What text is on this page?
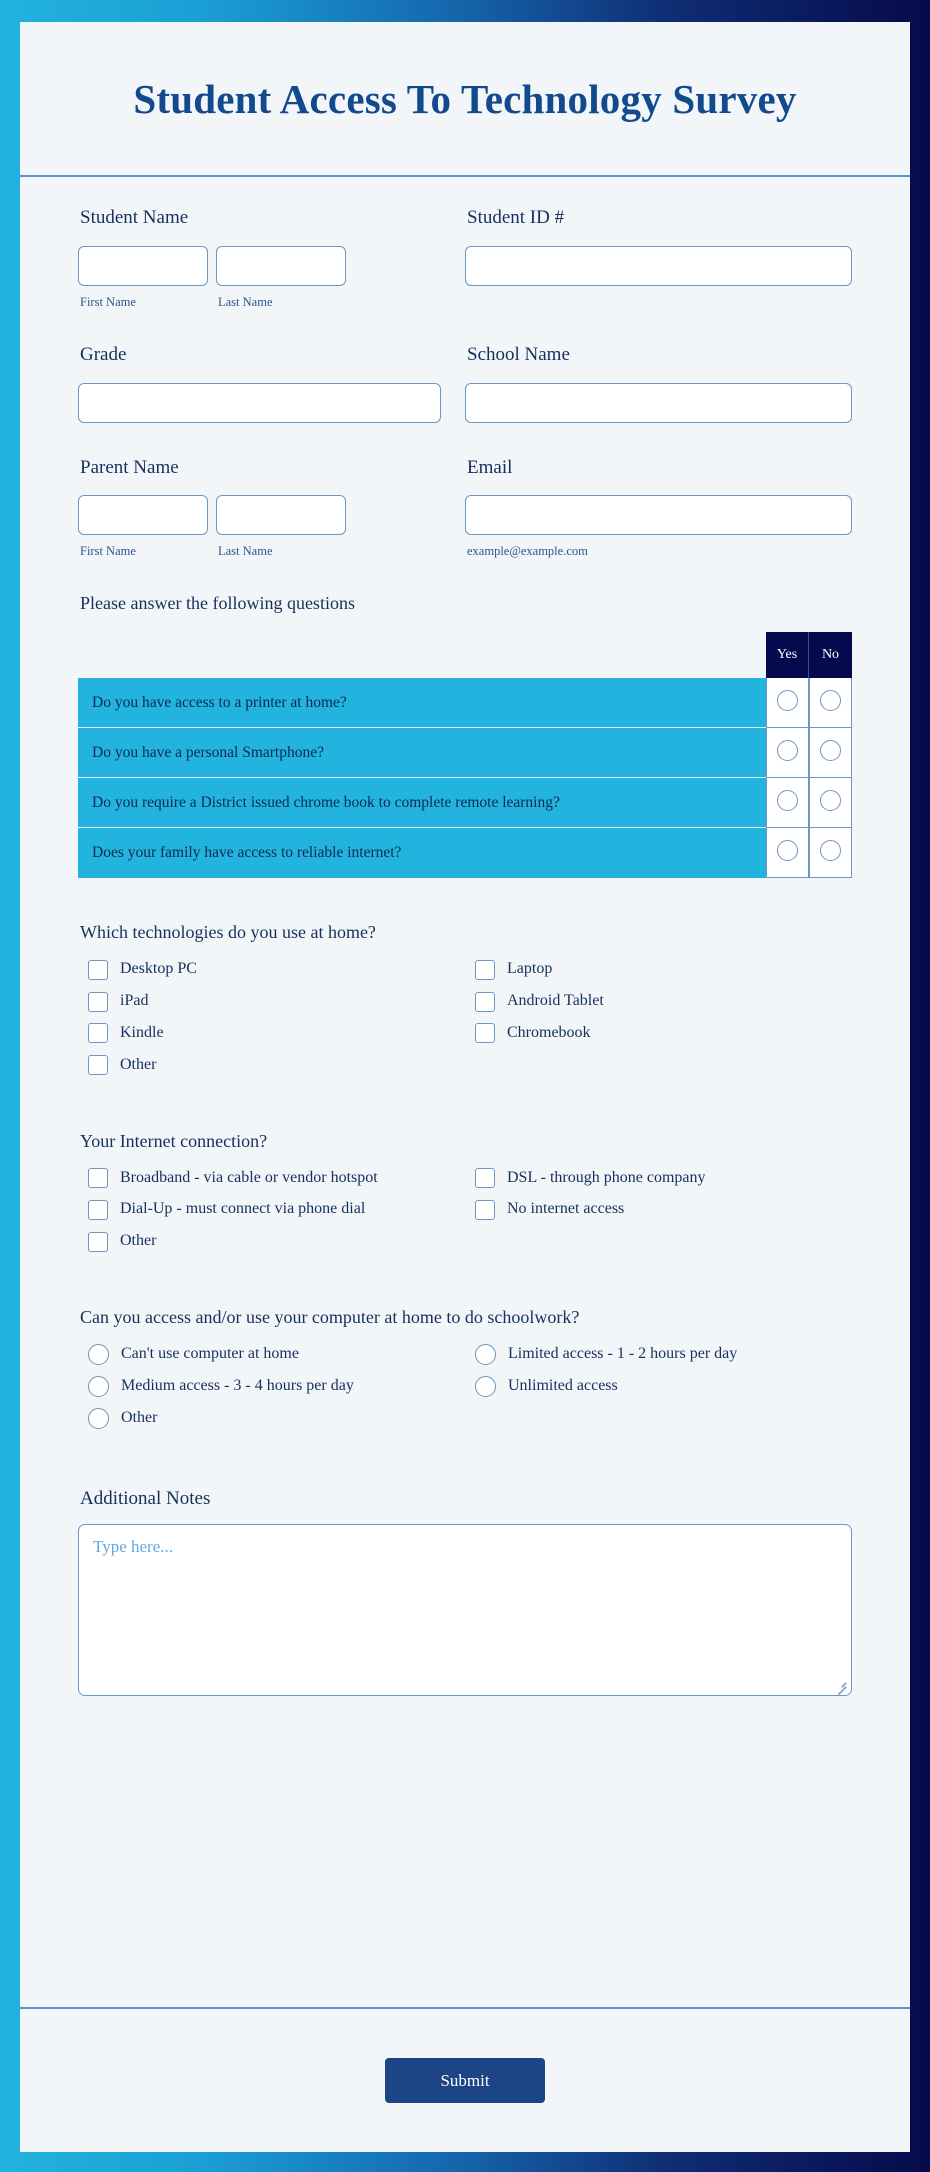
Student Access To Technology Survey
Student Name
First Name	Last Name
Student ID #
Grade	School Name
Parent Name
First Name	Last Name
Email
example@example.com
Please answer the following questions
	Yes	No
Do you have access to a printer at home?		
Do you have a personal Smartphone?		
Do you require a District issued chrome book to complete remote learning?		
Does your family have access to reliable internet?		
Which technologies do you use at home?
Desktop PC	Laptop
iPad	Android Tablet
Kindle	Chromebook
Other
Your Internet connection?
Broadband - via cable or vendor hotspot	DSL - through phone company
Dial-Up - must connect via phone dial	No internet access
Other
Can you access and/or use your computer at home to do schoolwork?
Can't use computer at home	Limited access - 1 - 2 hours per day
Medium access - 3 - 4 hours per day	Unlimited access
Other
Additional Notes
Type here...
Submit
